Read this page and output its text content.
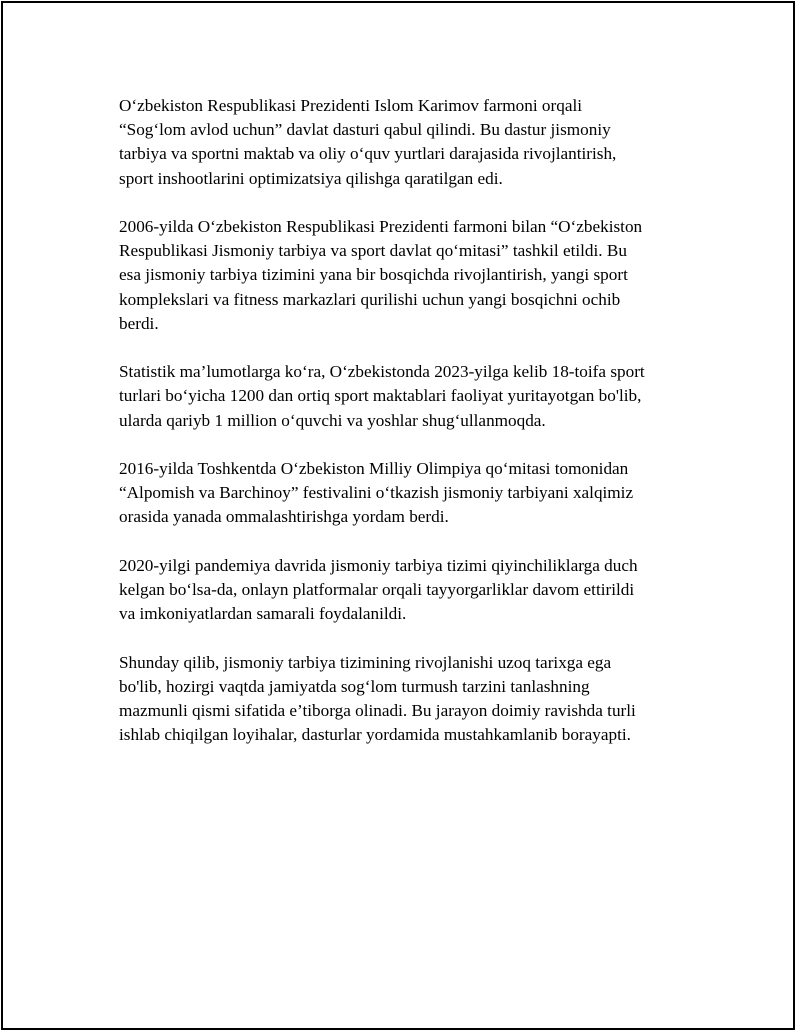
O‘zbekiston Respublikasi Prezidenti Islom Karimov farmoni orqali
“Sog‘lom avlod uchun” davlat dasturi qabul qilindi. Bu dastur jismoniy
tarbiya va sportni maktab va oliy o‘quv yurtlari darajasida rivojlantirish,
sport inshootlarini optimizatsiya qilishga qaratilgan edi.

2006-yilda O‘zbekiston Respublikasi Prezidenti farmoni bilan “O‘zbekiston
Respublikasi Jismoniy tarbiya va sport davlat qo‘mitasi” tashkil etildi. Bu
esa jismoniy tarbiya tizimini yana bir bosqichda rivojlantirish, yangi sport
komplekslari va fitness markazlari qurilishi uchun yangi bosqichni ochib
berdi.

Statistik ma’lumotlarga ko‘ra, O‘zbekistonda 2023-yilga kelib 18-toifa sport
turlari bo‘yicha 1200 dan ortiq sport maktablari faoliyat yuritayotgan bo'lib,
ularda qariyb 1 million o‘quvchi va yoshlar shug‘ullanmoqda.

2016-yilda Toshkentda O‘zbekiston Milliy Olimpiya qo‘mitasi tomonidan
“Alpomish va Barchinoy” festivalini o‘tkazish jismoniy tarbiyani xalqimiz
orasida yanada ommalashtirishga yordam berdi.

2020-yilgi pandemiya davrida jismoniy tarbiya tizimi qiyinchiliklarga duch
kelgan bo‘lsa-da, onlayn platformalar orqali tayyorgarliklar davom ettirildi
va imkoniyatlardan samarali foydalanildi.

Shunday qilib, jismoniy tarbiya tizimining rivojlanishi uzoq tarixga ega
bo'lib, hozirgi vaqtda jamiyatda sog‘lom turmush tarzini tanlashning
mazmunli qismi sifatida e’tiborga olinadi. Bu jarayon doimiy ravishda turli
ishlab chiqilgan loyihalar, dasturlar yordamida mustahkamlanib borayapti.
